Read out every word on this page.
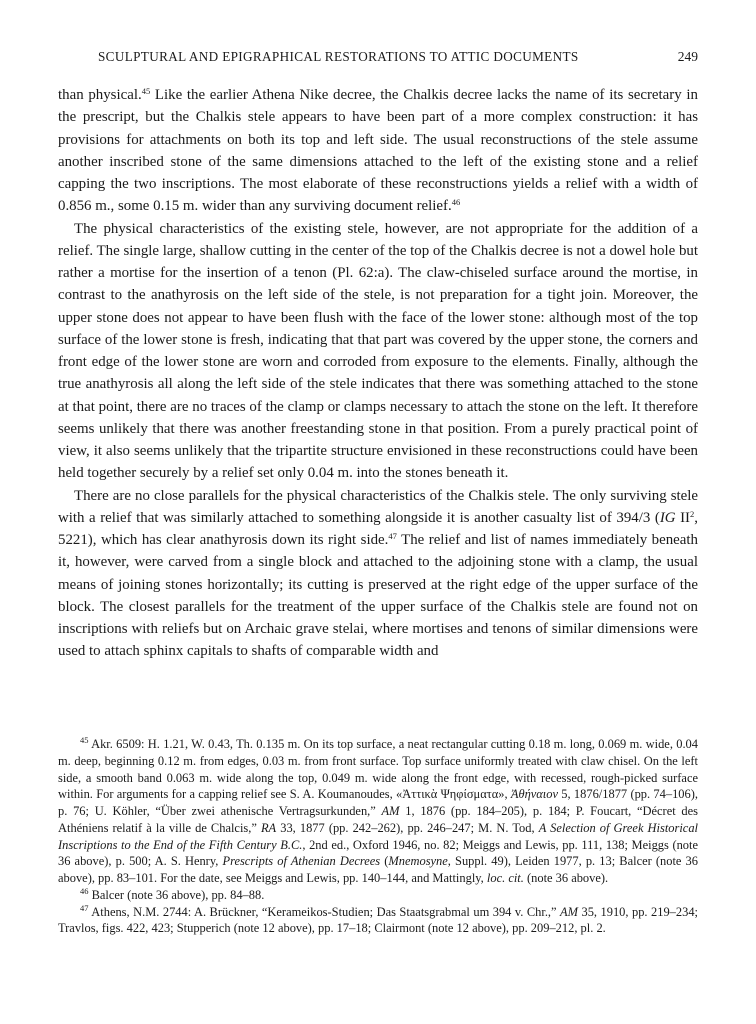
SCULPTURAL AND EPIGRAPHICAL RESTORATIONS TO ATTIC DOCUMENTS	249

than physical.$^{45}$ Like the earlier Athena Nike decree, the Chalkis decree lacks the name of its secretary in the prescript, but the Chalkis stele appears to have been part of a more complex construction: it has provisions for attachments on both its top and left side. The usual reconstructions of the stele assume another inscribed stone of the same dimensions attached to the left of the existing stone and a relief capping the two inscriptions. The most elaborate of these reconstructions yields a relief with a width of 0.856 m., some 0.15 m. wider than any surviving document relief.$^{46}$

The physical characteristics of the existing stele, however, are not appropriate for the addition of a relief. The single large, shallow cutting in the center of the top of the Chalkis decree is not a dowel hole but rather a mortise for the insertion of a tenon (Pl. 62:a). The claw-chiseled surface around the mortise, in contrast to the anathyrosis on the left side of the stele, is not preparation for a tight join. Moreover, the upper stone does not appear to have been flush with the face of the lower stone: although most of the top surface of the lower stone is fresh, indicating that that part was covered by the upper stone, the corners and front edge of the lower stone are worn and corroded from exposure to the elements. Finally, although the true anathyrosis all along the left side of the stele indicates that there was something attached to the stone at that point, there are no traces of the clamp or clamps necessary to attach the stone on the left. It therefore seems unlikely that there was another freestanding stone in that position. From a purely practical point of view, it also seems unlikely that the tripartite structure envisioned in these reconstructions could have been held together securely by a relief set only 0.04 m. into the stones beneath it.

There are no close parallels for the physical characteristics of the Chalkis stele. The only surviving stele with a relief that was similarly attached to something alongside it is another casualty list of 394/3 (IG $II^2$, 5221), which has clear anathyrosis down its right side.$^{47}$ The relief and list of names immediately beneath it, however, were carved from a single block and attached to the adjoining stone with a clamp, the usual means of joining stones horizontally; its cutting is preserved at the right edge of the upper surface of the block. The closest parallels for the treatment of the upper surface of the Chalkis stele are found not on inscriptions with reliefs but on Archaic grave stelai, where mortises and tenons of similar dimensions were used to attach sphinx capitals to shafts of comparable width and

$^{45}$ Akr. 6509: H. 1.21, W. 0.43, Th. 0.135 m. On its top surface, a neat rectangular cutting 0.18 m. long, 0.069 m. wide, 0.04 m. deep, beginning 0.12 m. from edges, 0.03 m. from front surface. Top surface uniformly treated with claw chisel. On the left side, a smooth band 0.063 m. wide along the top, 0.049 m. wide along the front edge, with recessed, rough-picked surface within. For arguments for a capping relief see S. A. Koumanoudes, «Ἀττικὰ Ψηφίσματα», Ἀθήναιον 5, 1876/1877 (pp. 74–106), p. 76; U. Köhler, “Über zwei athenische Vertragsurkunden,” AM 1, 1876 (pp. 184–205), p. 184; P. Foucart, “Décret des Athéniens relatif à la ville de Chalcis,” RA 33, 1877 (pp. 242–262), pp. 246–247; M. N. Tod, A Selection of Greek Historical Inscriptions to the End of the Fifth Century B.C., 2nd ed., Oxford 1946, no. 82; Meiggs and Lewis, pp. 111, 138; Meiggs (note 36 above), p. 500; A. S. Henry, Prescripts of Athenian Decrees (Mnemosyne, Suppl. 49), Leiden 1977, p. 13; Balcer (note 36 above), pp. 83–101. For the date, see Meiggs and Lewis, pp. 140–144, and Mattingly, loc. cit. (note 36 above).

$^{46}$ Balcer (note 36 above), pp. 84–88.

$^{47}$ Athens, N.M. 2744: A. Brückner, “Kerameikos-Studien; Das Staatsgrabmal um 394 v. Chr.,” AM 35, 1910, pp. 219–234; Travlos, figs. 422, 423; Stupperich (note 12 above), pp. 17–18; Clairmont (note 12 above), pp. 209–212, pl. 2.
